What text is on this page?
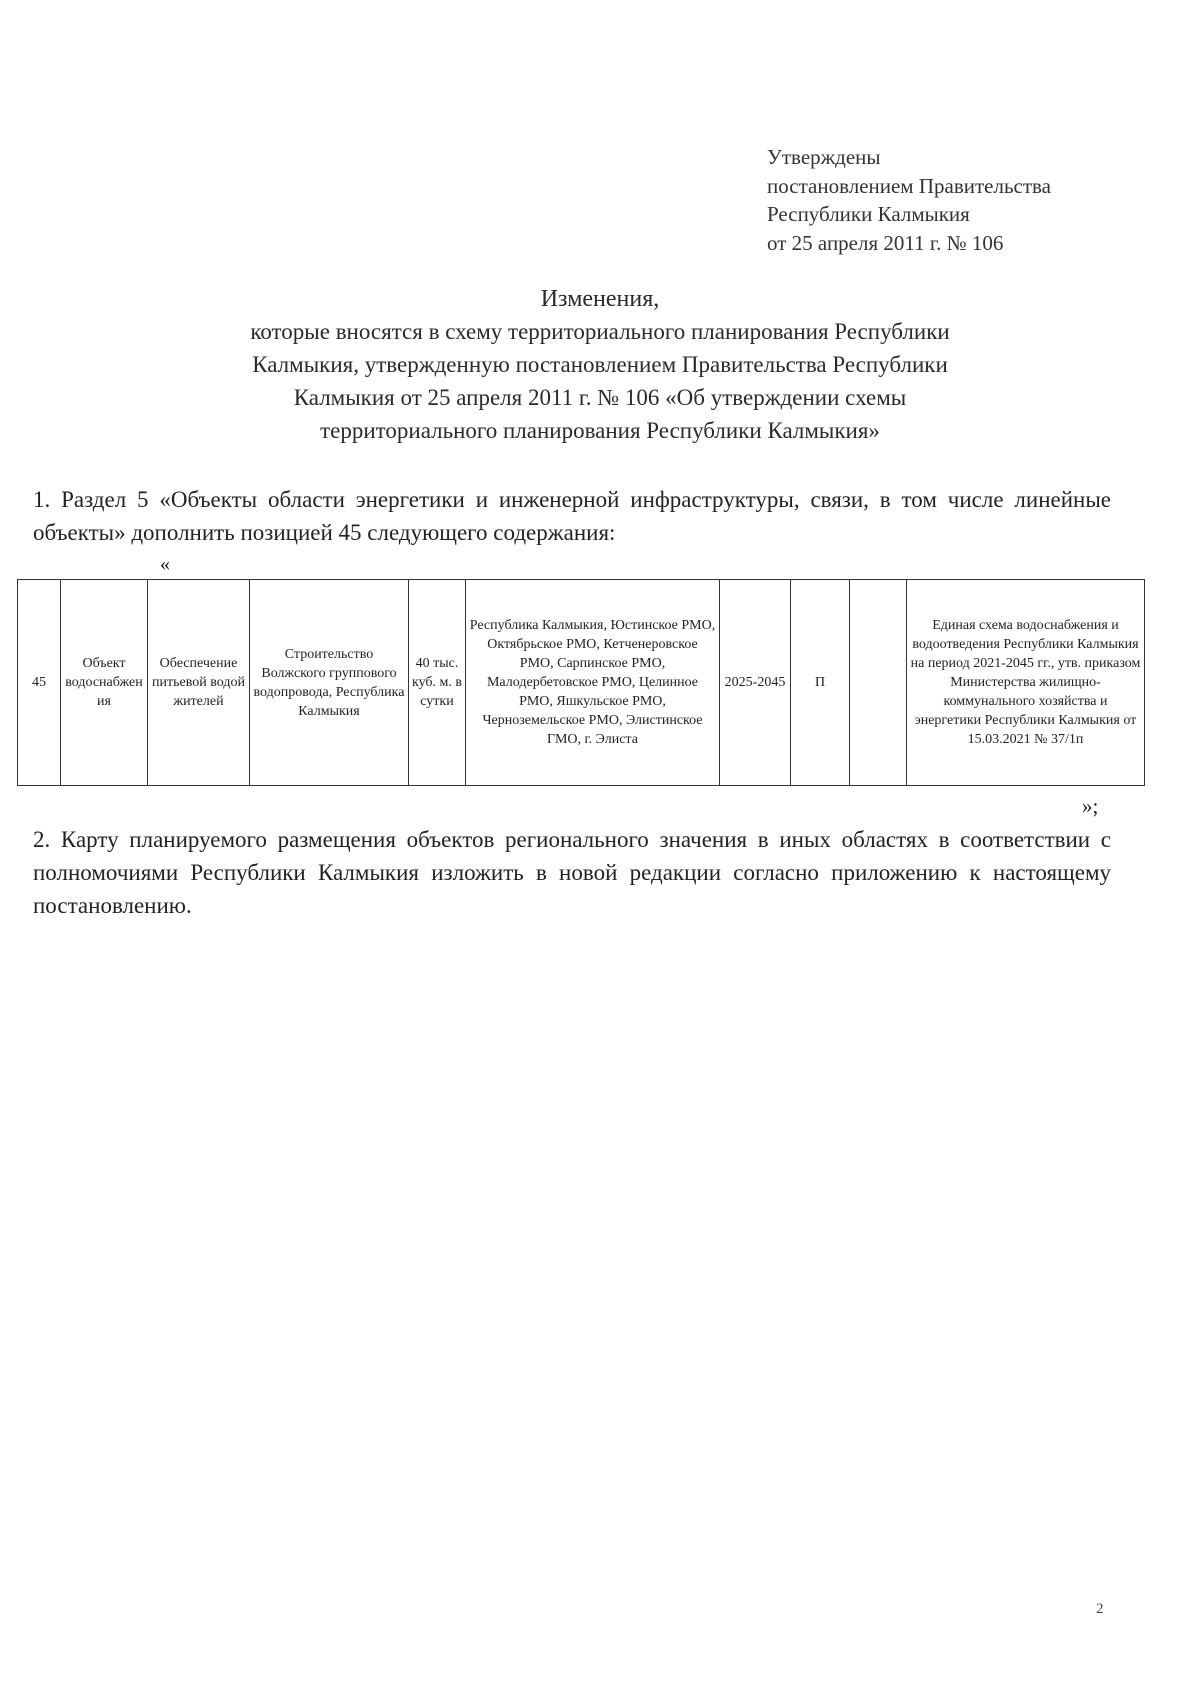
Утверждены
постановлением Правительства
Республики Калмыкия
от 25 апреля 2011 г. № 106
Изменения,
которые вносятся в схему территориального планирования Республики
Калмыкия, утвержденную постановлением Правительства Республики
Калмыкия от 25 апреля 2011 г. № 106 «Об утверждении схемы
территориального планирования Республики Калмыкия»
1. Раздел 5 «Объекты области энергетики и инженерной инфраструктуры, связи, в том числе линейные объекты» дополнить позицией 45 следующего содержания:
«
45	Объект водоснабжения	Обеспечение питьевой водой жителей	Строительство Волжского группового водопровода, Республика Калмыкия	40 тыс. куб. м. в сутки	Республика Калмыкия, Юстинское РМО, Октябрьское РМО, Кетченеровское РМО, Сарпинское РМО, Малодербетовское РМО, Целинное РМО, Яшкульское РМО, Черноземельское РМО, Элистинское ГМО, г. Элиста	2025-2045	П		Единая схема водоснабжения и водоотведения Республики Калмыкия на период 2021-2045 гг., утв. приказом Министерства жилищно-коммунального хозяйства и энергетики Республики Калмыкия от 15.03.2021 № 37/1п
»;
2. Карту планируемого размещения объектов регионального значения в иных областях в соответствии с полномочиями Республики Калмыкия изложить в новой редакции согласно приложению к настоящему постановлению.
2
